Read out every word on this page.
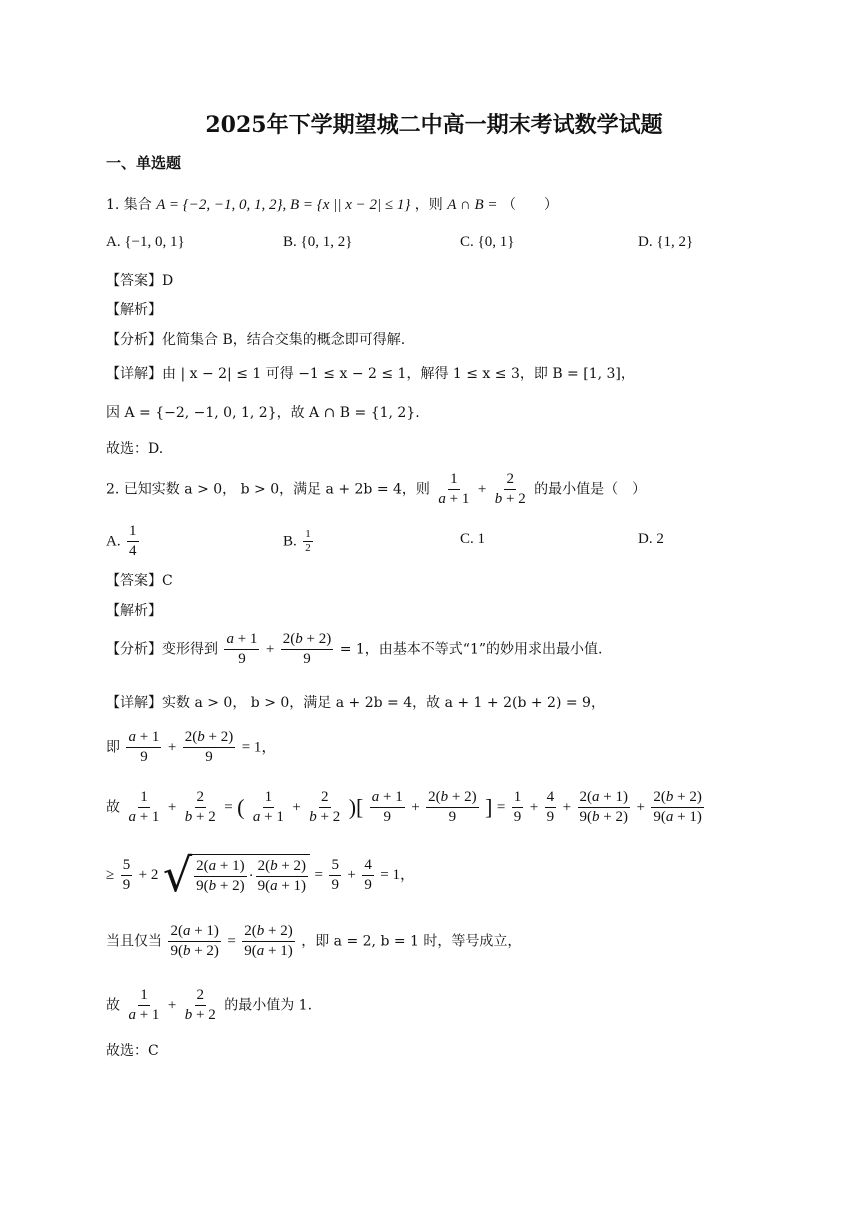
2025年下学期望城二中高一期末考试数学试题
一、单选题
1. 集合 A = {−2, −1, 0, 1, 2}, B = {x || x − 2| ≤ 1} ，则 A ∩ B = （　　）
A. {−1, 0, 1}	B. {0, 1, 2}	C. {0, 1}	D. {1, 2}
【答案】D
【解析】
【分析】化简集合 B，结合交集的概念即可得解.
【详解】由 | x − 2| ≤ 1 可得 −1 ≤ x − 2 ≤ 1，解得 1 ≤ x ≤ 3，即 B = [1, 3]，
因 A = {−2, −1, 0, 1, 2}，故 A ∩ B = {1, 2}.
故选：D.
2. 已知实数 a > 0， b > 0，满足 a + 2b = 4，则 $\frac{1}{a + 1} + \frac{2}{b + 2}$ 的最小值是（　）
A. $\frac{1}{4}$	B. $\frac{1}{2}$	C. 1	D. 2
【答案】C
【解析】
【分析】变形得到 $\frac{a + 1}{9} + \frac{2(b + 2)}{9} = 1$，由基本不等式“1”的妙用求出最小值.
【详解】实数 a > 0， b > 0，满足 a + 2b = 4，故 a + 1 + 2(b + 2) = 9，
即 $\frac{a + 1}{9} + \frac{2(b + 2)}{9} = 1$，
故 $\frac{1}{a + 1} + \frac{2}{b + 2}$ = ( $\frac{1}{a + 1} + \frac{2}{b + 2}$ )[ $\frac{a + 1}{9} + \frac{2(b + 2)}{9}$ ] = $\frac{1}{9} + \frac{4}{9} + \frac{2(a + 1)}{9(b + 2)} + \frac{2(b + 2)}{9(a + 1)}$
≥ $\frac{5}{9} + 2$ √ $\frac{2(a + 1)}{9(b + 2)} \cdot \frac{2(b + 2)}{9(a + 1)} = \frac{5}{9} + \frac{4}{9} = 1$，
当且仅当 $\frac{2(a + 1)}{9(b + 2)} = \frac{2(b + 2)}{9(a + 1)}$ ，即 a = 2, b = 1 时，等号成立，
故 $\frac{1}{a + 1} + \frac{2}{b + 2}$ 的最小值为 1.
故选：C
